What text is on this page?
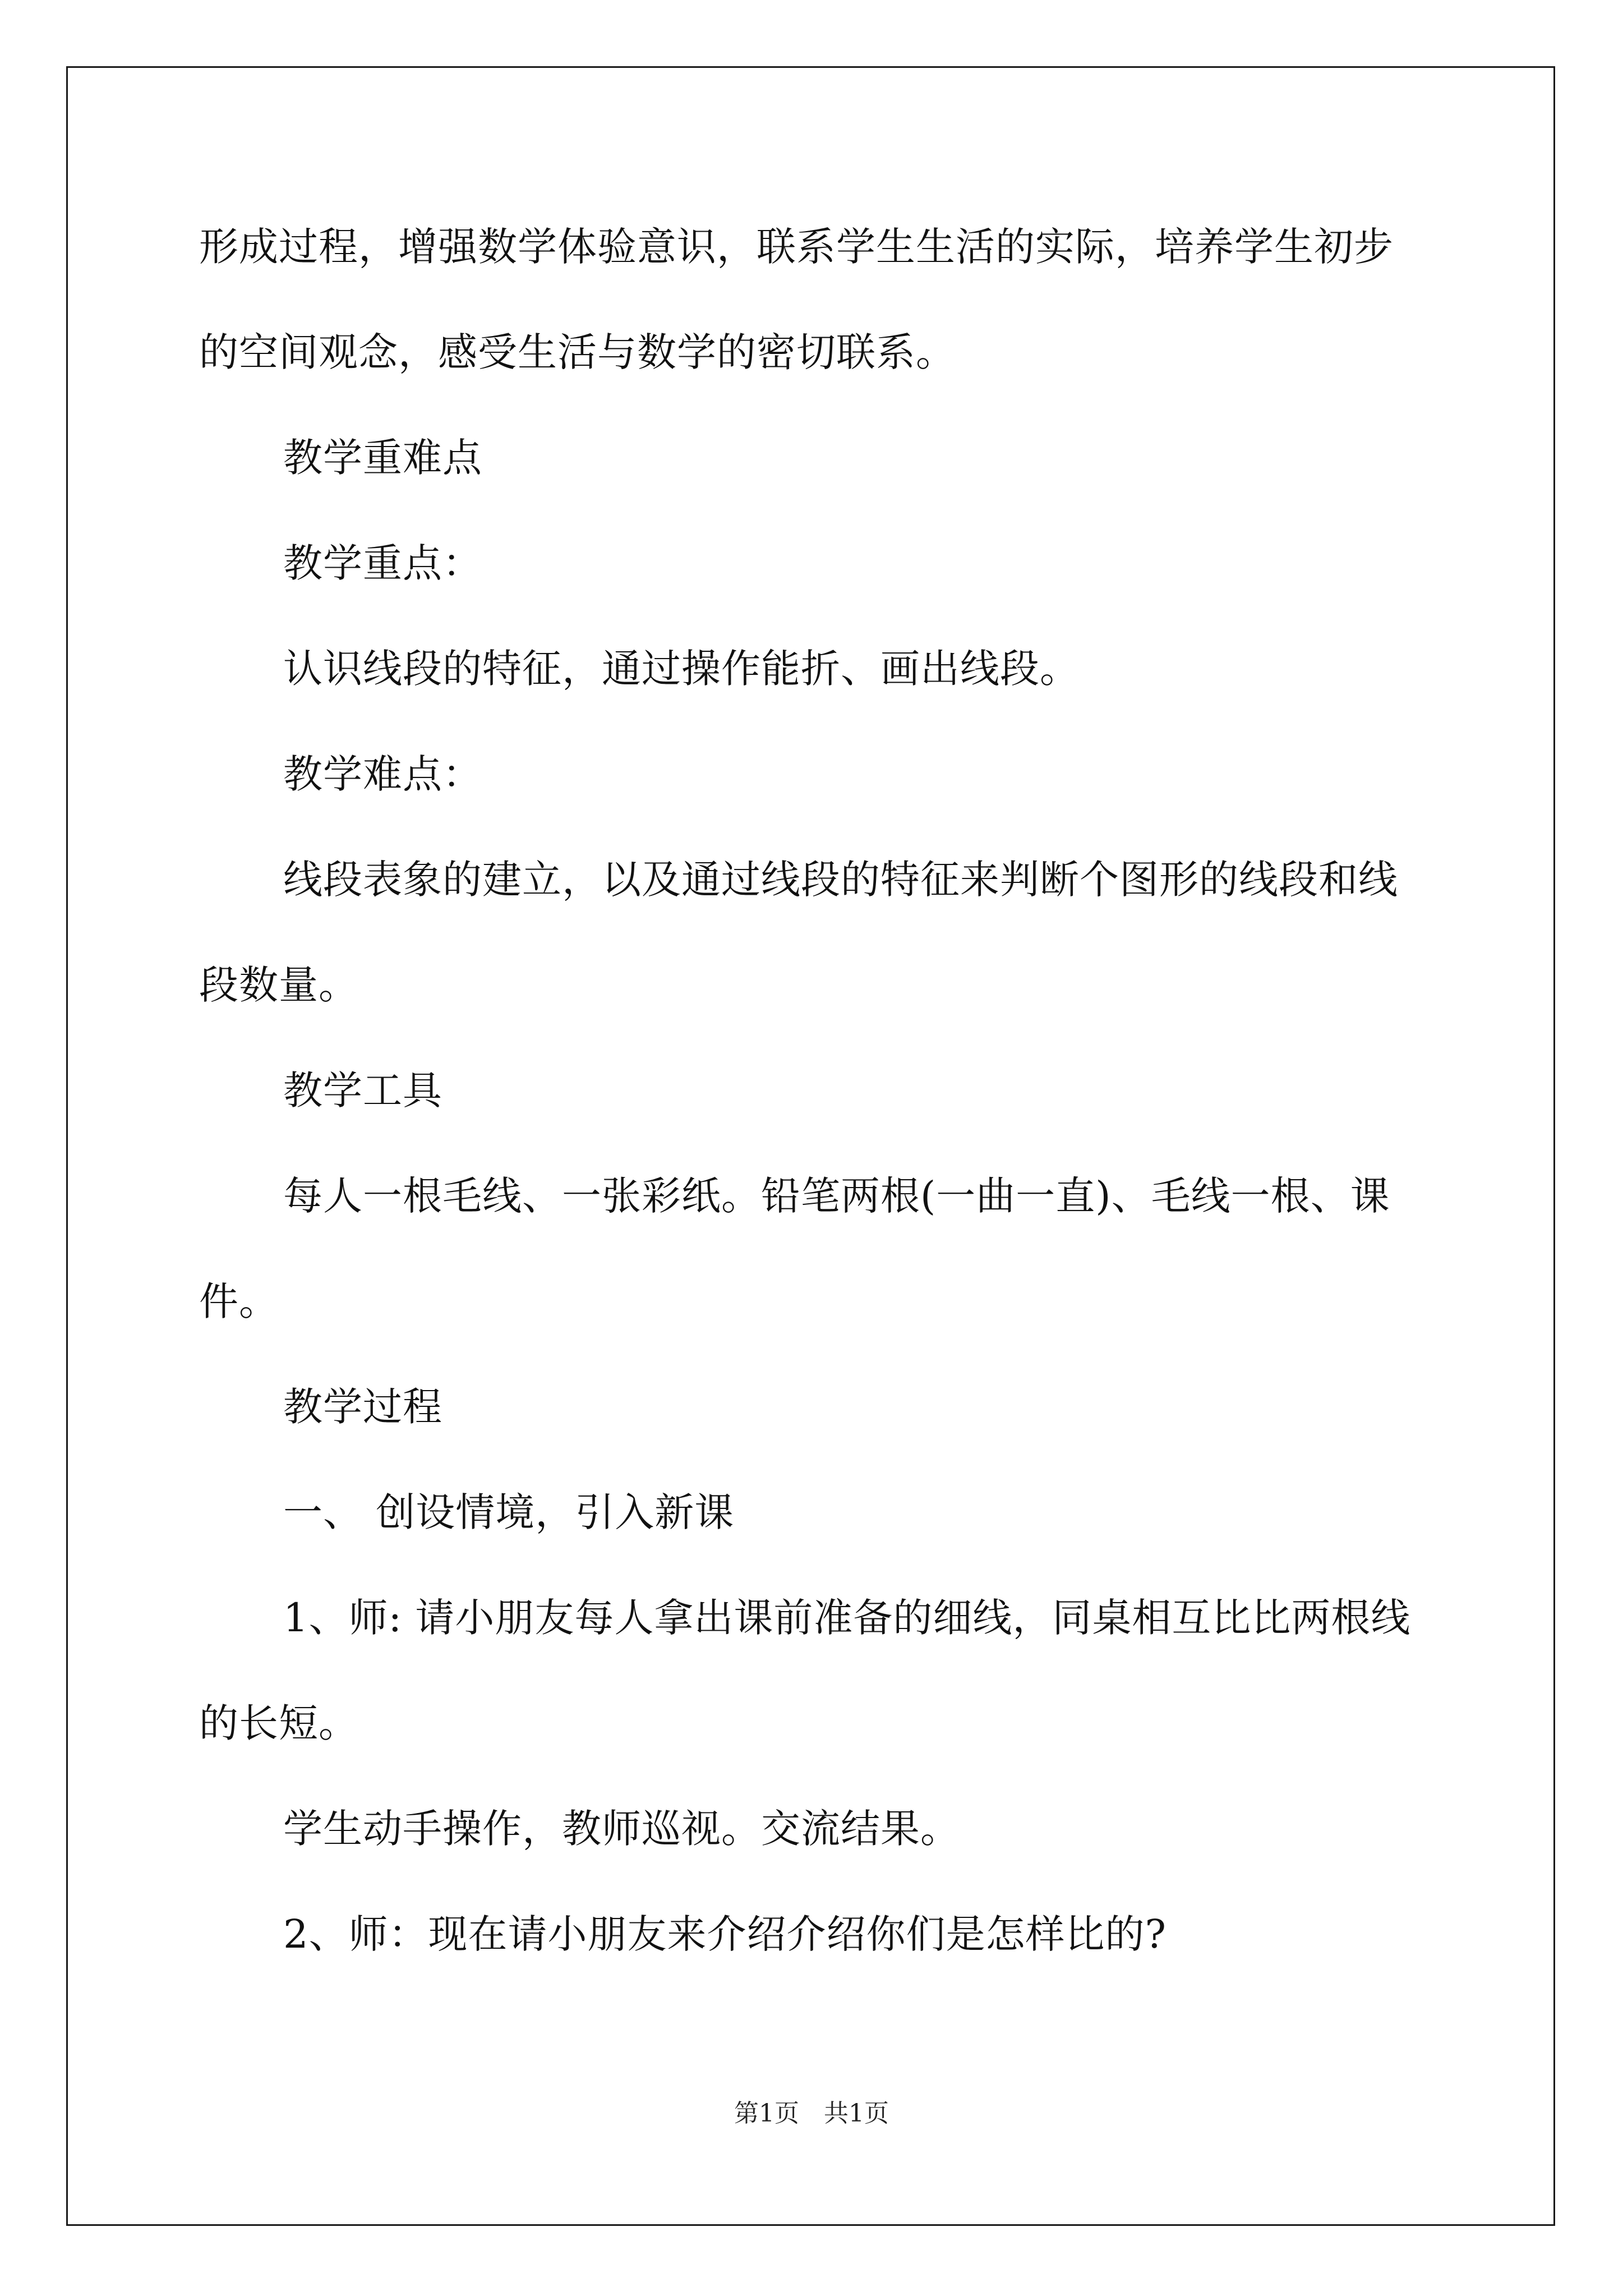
形成过程，增强数学体验意识，联系学生生活的实际，培养学生初步
的空间观念，感受生活与数学的密切联系。
教学重难点
教学重点：
认识线段的特征，通过操作能折、画出线段。
教学难点：
线段表象的建立，以及通过线段的特征来判断个图形的线段和线
段数量。
教学工具
每人一根毛线、一张彩纸。铅笔两根(一曲一直)、毛线一根、课
件。
教学过程
一、 创设情境，引入新课
1、师: 请小朋友每人拿出课前准备的细线，同桌相互比比两根线
的长短。
学生动手操作，教师巡视。交流结果。
2、师：现在请小朋友来介绍介绍你们是怎样比的?
第1页　共1页
